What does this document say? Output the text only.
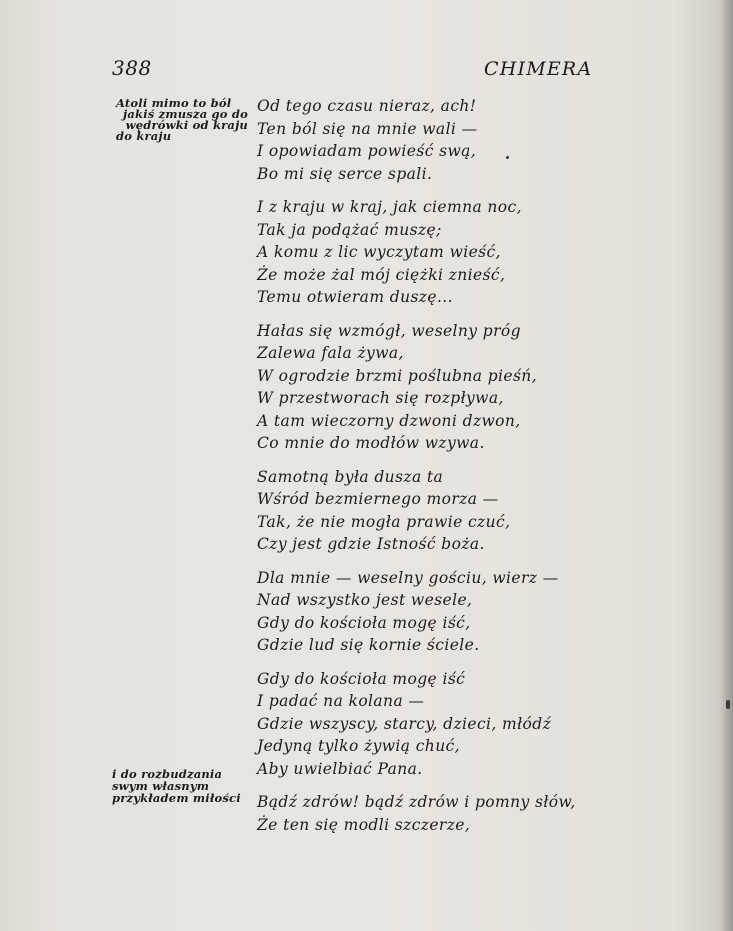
388	CHIMERA
Atoli mimo to ból
jakiś zmusza go do
wędrówki od kraju
do kraju
Od tego czasu nieraz, ach!
Ten ból się na mnie wali —
I opowiadam powieść swą,
Bo mi się serce spali.
I z kraju w kraj, jak ciemna noc,
Tak ja podążać muszę;
A komu z lic wyczytam wieść,
Że może żal mój ciężki znieść,
Temu otwieram duszę...
Hałas się wzmógł, weselny próg
Zalewa fala żywa,
W ogrodzie brzmi poślubna pieśń,
W przestworach się rozpływa,
A tam wieczorny dzwoni dzwon,
Co mnie do modłów wzywa.
Samotną była dusza ta
Wśród bezmiernego morza —
Tak, że nie mogła prawie czuć,
Czy jest gdzie Istność boża.
Dla mnie — weselny gościu, wierz —
Nad wszystko jest wesele,
Gdy do kościoła mogę iść,
Gdzie lud się kornie ściele.
Gdy do kościoła mogę iść
I padać na kolana —
Gdzie wszyscy, starcy, dzieci, młódź
Jedyną tylko żywią chuć,
Aby uwielbiać Pana.
Bądź zdrów! bądź zdrów i pomny słów,
Że ten się modli szczerze,
i do rozbudzania
swym własnym
przykładem miłości
